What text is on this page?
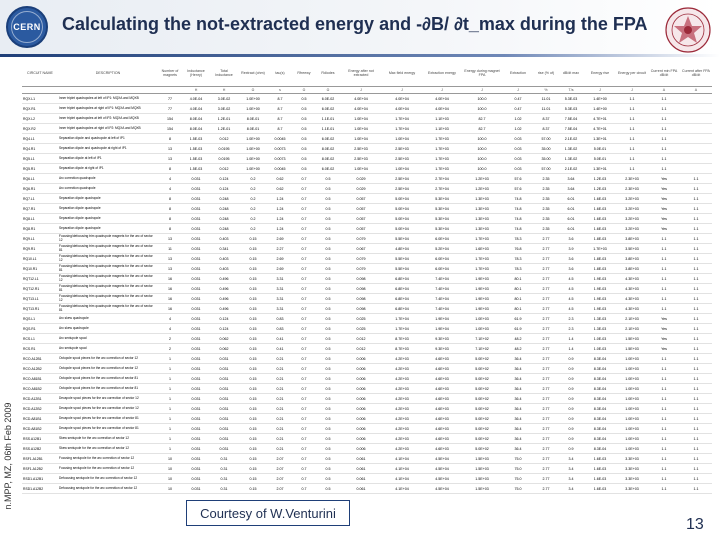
CERN Calculating the not-extracted energy and -∂B/ ∂t_max during the FPA
n.MPP, MZ, 06th Feb 2009
CIRCUIT NAME	DESCRIPTION	Number of magnets	Inductance (Henry)	Total Inductance	Rextract (ohm)	tau(s)	Rfreewy	Rdiodes	Energy after not extracted	Max field energy	Extraction energy	Energy during magnet FPA	Extraction	rise (% of)	dB/dt max	Energy rise	Energy per circuit	Current min FPA dB/dt	Current after FPA dB/dt
			H	H	Ω	s	Ω	Ω	J	J	J	J	J	%	T/s	J	J	A	A
RQX.L1	Inner triplet quadrupoles at left of IP1: MQXA and MQXB	77	4.0E-04	3.0E-02	1.0E+00	8.7	0.5	6.0E-02	4.0E+04	4.0E+04	4.0E+04	100.0	0.47	11.01	5.3E-03	1.4E+00	1.1	1.1	
RQX.R1	Inner triplet quadrupoles at right of IP1: MQXA and MQXB	77	4.0E-04	3.0E-02	1.0E+00	8.7	0.5	6.0E-02	4.0E+04	4.0E+04	4.0E+04	100.0	0.47	11.01	5.3E-03	1.4E+00	1.1	1.1	
RQX.L2	Inner triplet quadrupoles at left of IP2: MQXA and MQXB	154	8.0E-04	1.2E-01	8.0E-01	8.7	0.5	1.1E-01	1.0E+04	1.7E+04	1.1E+03	82.7	1.02	8.37	7.5E-04	4.7E+01	1.1	1.1	
RQX.R2	Inner triplet quadrupoles at right of IP2: MQXA and MQXB	154	8.0E-04	1.2E-01	8.0E-01	8.7	0.5	1.1E-01	1.0E+04	1.7E+04	1.1E+03	82.7	1.02	8.37	7.5E-04	4.7E+01	1.1	1.1	
RQ4.L1	Separation dipole and quadrupole at left of IP1	8	1.5E-03	0.012	1.0E+00	0.0045	0.5	6.0E-02	1.0E+04	1.0E+04	1.7E+03	100.0	0.03	57.00	2.1E-02	1.3E+01	1.1	1.1	
RQ4.R1	Separation dipole and quadrupole at right of IP1	13	1.5E-03	0.0195	1.0E+00	0.0073	0.5	8.0E-02	2.5E+03	2.5E+03	1.7E+03	100.0	0.03	35.00	1.3E-02	5.0E-01	1.1	1.1	
RQ5.L1	Separation dipole at left of IP1	13	1.5E-03	0.0195	1.0E+00	0.0073	0.5	8.0E-02	2.5E+03	2.5E+03	1.7E+03	100.0	0.03	35.00	1.3E-02	5.0E-01	1.1	1.1	
RQ5.R1	Separation dipole at right of IP1	8	1.5E-03	0.012	1.0E+00	0.0045	0.5	6.0E-02	1.0E+04	1.0E+04	1.7E+03	100.0	0.03	57.00	2.1E-02	1.3E+01	1.1	1.1	
RQ6.L1	Arc correction quadrupole	4	0.031	0.124	0.2	0.62	0.7	0.5	0.029	2.5E+04	2.7E+04	1.2E+03	57.6	2.35	3.64	1.2E-03	2.3E+03	Yes	1.1
RQ6.R1	Arc correction quadrupole	4	0.031	0.124	0.2	0.62	0.7	0.5	0.029	2.5E+04	2.7E+04	1.2E+03	57.6	2.35	3.64	1.2E-03	2.3E+03	Yes	1.1
RQ7.L1	Separation dipole quadrupole	8	0.031	0.248	0.2	1.24	0.7	0.5	0.057	5.0E+04	5.3E+04	1.3E+03	74.8	2.35	6.01	1.6E-03	3.2E+03	Yes	1.1
RQ7.R1	Separation dipole quadrupole	8	0.031	0.248	0.2	1.24	0.7	0.5	0.057	5.0E+04	5.3E+04	1.3E+03	74.8	2.35	6.01	1.6E-03	3.2E+03	Yes	1.1
RQ8.L1	Separation dipole quadrupole	8	0.031	0.248	0.2	1.24	0.7	0.5	0.057	5.0E+04	5.3E+04	1.3E+03	74.8	2.35	6.01	1.6E-03	3.2E+03	Yes	1.1
RQ8.R1	Separation dipole quadrupole	8	0.031	0.248	0.2	1.24	0.7	0.5	0.057	5.0E+04	5.3E+04	1.3E+03	74.8	2.35	6.01	1.6E-03	3.2E+03	Yes	1.1
RQ9.L1	Focusing/defocusing trim quadrupole magnets for the arc of sector 12	13	0.031	0.403	0.15	2.69	0.7	0.5	0.079	5.5E+04	6.0E+04	1.7E+03	78.3	2.77	3.6	1.8E-03	3.8E+03	1.1	1.1
RQ9.R1	Focusing/defocusing trim quadrupole magnets for the arc of sector 81	11	0.031	0.341	0.15	2.27	0.7	0.5	0.067	4.8E+04	5.2E+04	1.6E+03	76.8	2.77	3.9	1.7E+03	3.5E+03	1.1	1.1
RQ10.L1	Focusing/defocusing trim quadrupole magnets for the arc of sector 12	13	0.031	0.403	0.15	2.69	0.7	0.5	0.079	5.5E+04	6.0E+04	1.7E+03	78.3	2.77	3.6	1.8E-03	3.8E+03	1.1	1.1
RQ10.R1	Focusing/defocusing trim quadrupole magnets for the arc of sector 81	13	0.031	0.403	0.15	2.69	0.7	0.5	0.079	5.5E+04	6.0E+04	1.7E+03	78.3	2.77	3.6	1.8E-03	3.8E+03	1.1	1.1
RQT12.L1	Focusing/defocusing trim quadrupole magnets for the arc of sector 12	16	0.031	0.496	0.15	3.31	0.7	0.5	0.098	6.8E+04	7.4E+04	1.9E+03	80.1	2.77	4.5	1.9E-03	4.3E+03	1.1	1.1
RQT12.R1	Focusing/defocusing trim quadrupole magnets for the arc of sector 81	16	0.031	0.496	0.15	3.31	0.7	0.5	0.098	6.8E+04	7.4E+04	1.9E+03	80.1	2.77	4.5	1.9E-03	4.3E+03	1.1	1.1
RQT13.L1	Focusing/defocusing trim quadrupole magnets for the arc of sector 12	16	0.031	0.496	0.15	3.31	0.7	0.5	0.098	6.8E+04	7.4E+04	1.9E+03	80.1	2.77	4.5	1.9E-03	4.3E+03	1.1	1.1
RQT13.R1	Focusing/defocusing trim quadrupole magnets for the arc of sector 81	16	0.031	0.496	0.15	3.31	0.7	0.5	0.098	6.8E+04	7.4E+04	1.9E+03	80.1	2.77	4.5	1.9E-03	4.3E+03	1.1	1.1
RQS.L1	Arc skew quadrupole	4	0.031	0.124	0.15	0.83	0.7	0.5	0.025	1.7E+04	1.9E+04	1.0E+03	61.9	2.77	2.3	1.3E-03	2.1E+03	Yes	1.1
RQS.R1	Arc skew quadrupole	4	0.031	0.124	0.15	0.83	0.7	0.5	0.025	1.7E+04	1.9E+04	1.0E+03	61.9	2.77	2.3	1.3E-03	2.1E+03	Yes	1.1
RCS.L1	Arc sextupole spool	2	0.031	0.062	0.15	0.41	0.7	0.5	0.012	8.7E+03	9.3E+03	7.1E+02	48.2	2.77	1.4	1.0E-03	1.5E+03	Yes	1.1
RCS.R1	Arc sextupole spool	2	0.031	0.062	0.15	0.41	0.7	0.5	0.012	8.7E+03	9.3E+03	7.1E+02	48.2	2.77	1.4	1.0E-03	1.5E+03	Yes	1.1
RCO.A12B1	Octupole spool pieces for the arc correction of sector 12	1	0.031	0.031	0.15	0.21	0.7	0.5	0.006	4.2E+03	4.6E+03	5.0E+02	36.4	2.77	0.9	8.3E-04	1.0E+03	1.1	1.1
RCO.A12B2	Octupole spool pieces for the arc correction of sector 12	1	0.031	0.031	0.15	0.21	0.7	0.5	0.006	4.2E+03	4.6E+03	5.0E+02	36.4	2.77	0.9	8.3E-04	1.0E+03	1.1	1.1
RCO.A81B1	Octupole spool pieces for the arc correction of sector 81	1	0.031	0.031	0.15	0.21	0.7	0.5	0.006	4.2E+03	4.6E+03	5.0E+02	36.4	2.77	0.9	8.3E-04	1.0E+03	1.1	1.1
RCO.A81B2	Octupole spool pieces for the arc correction of sector 81	1	0.031	0.031	0.15	0.21	0.7	0.5	0.006	4.2E+03	4.6E+03	5.0E+02	36.4	2.77	0.9	8.3E-04	1.0E+03	1.1	1.1
RCD.A12B1	Decapole spool pieces for the arc correction of sector 12	1	0.031	0.031	0.15	0.21	0.7	0.5	0.006	4.2E+03	4.6E+03	5.0E+02	36.4	2.77	0.9	8.3E-04	1.0E+03	1.1	1.1
RCD.A12B2	Decapole spool pieces for the arc correction of sector 12	1	0.031	0.031	0.15	0.21	0.7	0.5	0.006	4.2E+03	4.6E+03	5.0E+02	36.4	2.77	0.9	8.3E-04	1.0E+03	1.1	1.1
RCD.A81B1	Decapole spool pieces for the arc correction of sector 81	1	0.031	0.031	0.15	0.21	0.7	0.5	0.006	4.2E+03	4.6E+03	5.0E+02	36.4	2.77	0.9	8.3E-04	1.0E+03	1.1	1.1
RCD.A81B2	Decapole spool pieces for the arc correction of sector 81	1	0.031	0.031	0.15	0.21	0.7	0.5	0.006	4.2E+03	4.6E+03	5.0E+02	36.4	2.77	0.9	8.3E-04	1.0E+03	1.1	1.1
RSS.A12B1	Skew sextupole for the arc correction of sector 12	1	0.031	0.031	0.15	0.21	0.7	0.5	0.006	4.2E+03	4.6E+03	5.0E+02	36.4	2.77	0.9	8.3E-04	1.0E+03	1.1	1.1
RSS.A12B2	Skew sextupole for the arc correction of sector 12	1	0.031	0.031	0.15	0.21	0.7	0.5	0.006	4.2E+03	4.6E+03	5.0E+02	36.4	2.77	0.9	8.3E-04	1.0E+03	1.1	1.1
RSF1.A12B1	Focusing sextupole for the arc correction of sector 12	10	0.031	0.31	0.15	2.07	0.7	0.5	0.061	4.1E+04	4.5E+04	1.5E+03	75.0	2.77	3.4	1.6E-03	3.3E+03	1.1	1.1
RSF1.A12B2	Focusing sextupole for the arc correction of sector 12	10	0.031	0.31	0.15	2.07	0.7	0.5	0.061	4.1E+04	4.5E+04	1.5E+03	75.0	2.77	3.4	1.6E-03	3.3E+03	1.1	1.1
RSD1.A12B1	Defocusing sextupole for the arc correction of sector 12	10	0.031	0.31	0.15	2.07	0.7	0.5	0.061	4.1E+04	4.5E+04	1.5E+03	75.0	2.77	3.4	1.6E-03	3.3E+03	1.1	1.1
RSD1.A12B2	Defocusing sextupole for the arc correction of sector 12	10	0.031	0.31	0.15	2.07	0.7	0.5	0.061	4.1E+04	4.5E+04	1.5E+03	75.0	2.77	3.4	1.6E-03	3.3E+03	1.1	1.1
Courtesy of W.Venturini
13
